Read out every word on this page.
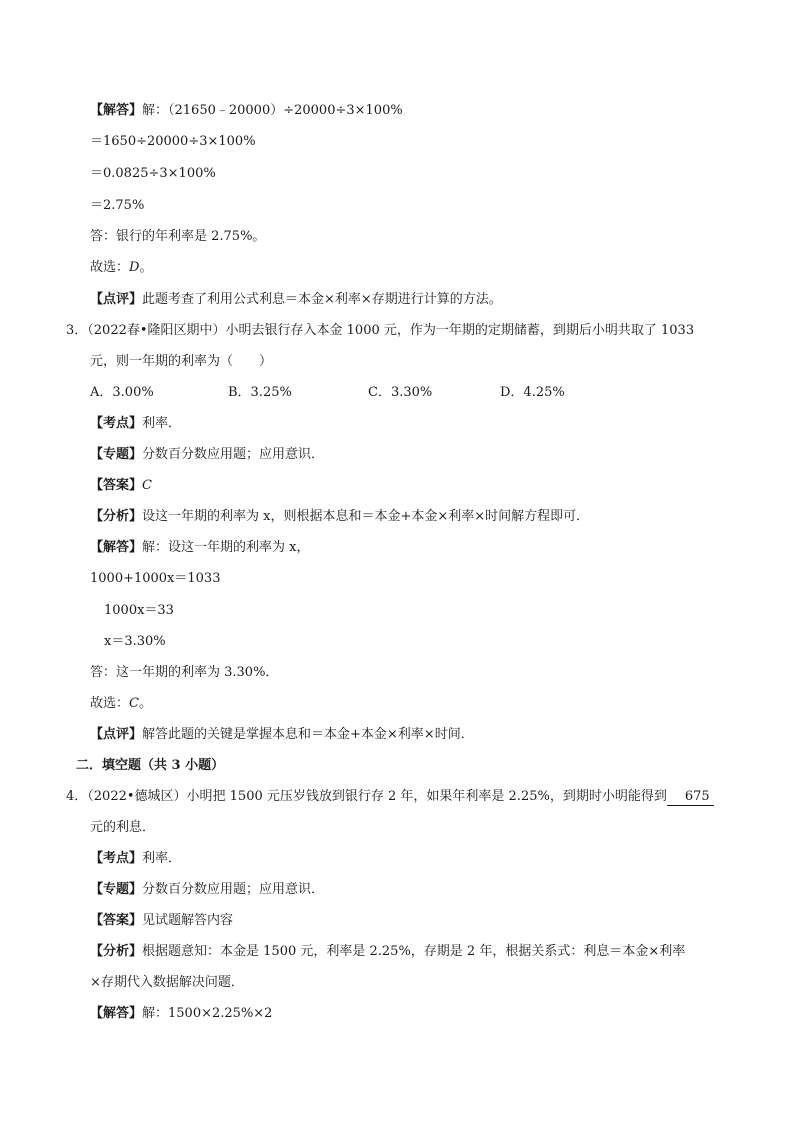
【解答】解：（21650﹣20000）÷20000÷3×100%
＝1650÷20000÷3×100%
＝0.0825÷3×100%
＝2.75%
答：银行的年利率是 2.75%。
故选：D。
【点评】此题考查了利用公式利息＝本金×利率×存期进行计算的方法。
3．（2022春•隆阳区期中）小明去银行存入本金 1000 元，作为一年期的定期储蓄，到期后小明共取了 1033
元，则一年期的利率为（　　）
A．3.00%	B．3.25%	C．3.30%	D．4.25%
【考点】利率．
【专题】分数百分数应用题；应用意识．
【答案】C
【分析】设这一年期的利率为 x，则根据本息和＝本金+本金×利率×时间解方程即可．
【解答】解：设这一年期的利率为 x，
1000+1000x＝1033
1000x＝33
x＝3.30%
答：这一年期的利率为 3.30%．
故选：C。
【点评】解答此题的关键是掌握本息和＝本金+本金×利率×时间．
二．填空题（共 3 小题）
4．（2022•德城区）小明把 1500 元压岁钱放到银行存 2 年，如果年利率是 2.25%，到期时小明能得到 675
元的利息．
【考点】利率．
【专题】分数百分数应用题；应用意识．
【答案】见试题解答内容
【分析】根据题意知：本金是 1500 元，利率是 2.25%，存期是 2 年，根据关系式：利息＝本金×利率
×存期代入数据解决问题．
【解答】解：1500×2.25%×2
